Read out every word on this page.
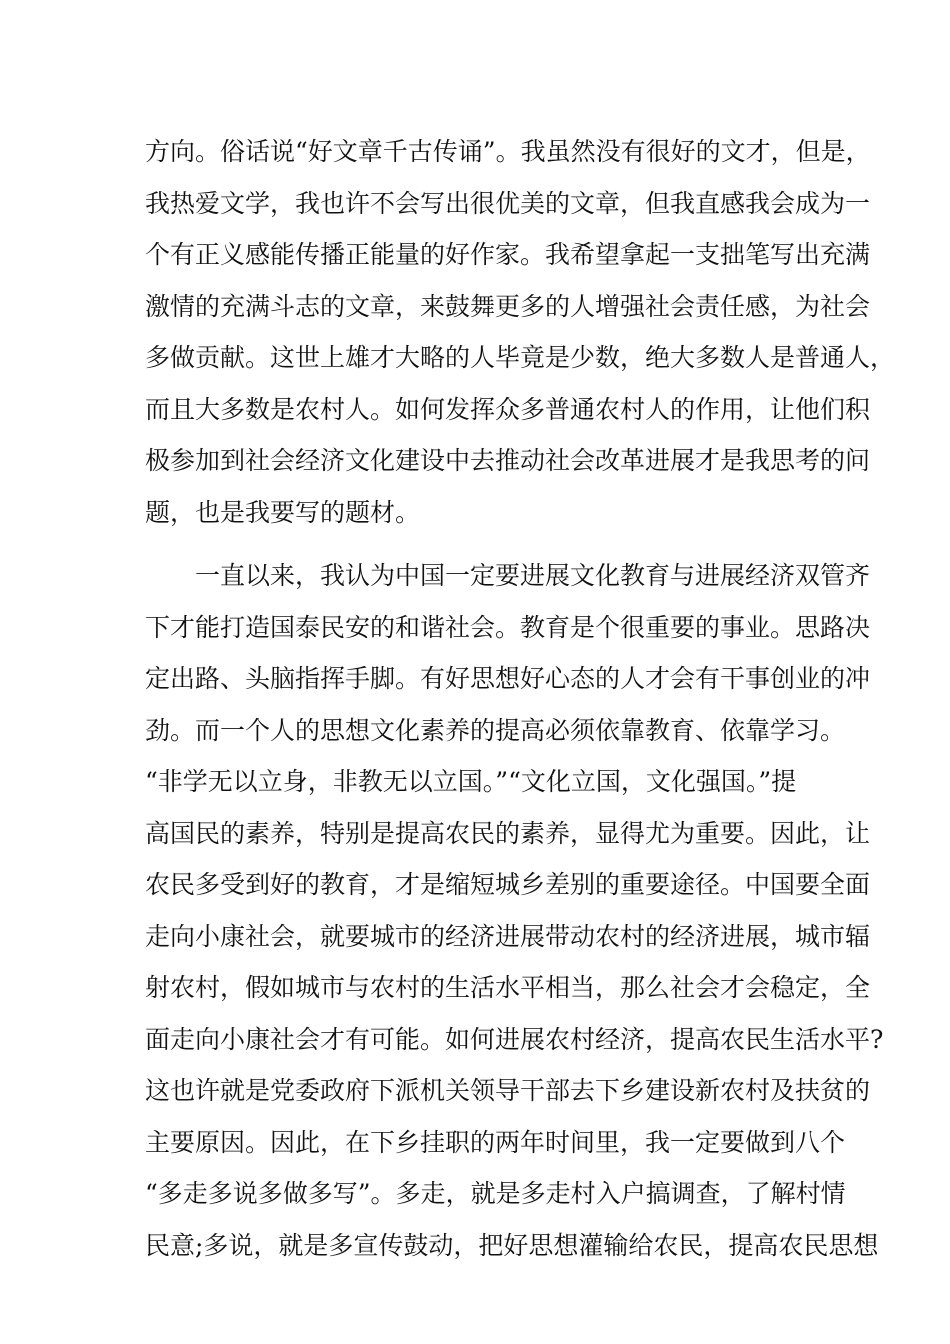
方向。俗话说“好文章千古传诵”。我虽然没有很好的文才，但是，
我热爱文学，我也许不会写出很优美的文章，但我直感我会成为一
个有正义感能传播正能量的好作家。我希望拿起一支拙笔写出充满
激情的充满斗志的文章，来鼓舞更多的人增强社会责任感，为社会
多做贡献。这世上雄才大略的人毕竟是少数，绝大多数人是普通人，
而且大多数是农村人。如何发挥众多普通农村人的作用，让他们积
极参加到社会经济文化建设中去推动社会改革进展才是我思考的问
题，也是我要写的题材。
一直以来，我认为中国一定要进展文化教育与进展经济双管齐
下才能打造国泰民安的和谐社会。教育是个很重要的事业。思路决
定出路、头脑指挥手脚。有好思想好心态的人才会有干事创业的冲
劲。而一个人的思想文化素养的提高必须依靠教育、依靠学习。
“非学无以立身，非教无以立国。”“文化立国，文化强国。”提
高国民的素养，特别是提高农民的素养，显得尤为重要。因此，让
农民多受到好的教育，才是缩短城乡差别的重要途径。中国要全面
走向小康社会，就要城市的经济进展带动农村的经济进展，城市辐
射农村，假如城市与农村的生活水平相当，那么社会才会稳定，全
面走向小康社会才有可能。如何进展农村经济，提高农民生活水平?
这也许就是党委政府下派机关领导干部去下乡建设新农村及扶贫的
主要原因。因此，在下乡挂职的两年时间里，我一定要做到八个
“多走多说多做多写”。多走，就是多走村入户搞调查，了解村情
民意;多说，就是多宣传鼓动，把好思想灌输给农民，提高农民思想
